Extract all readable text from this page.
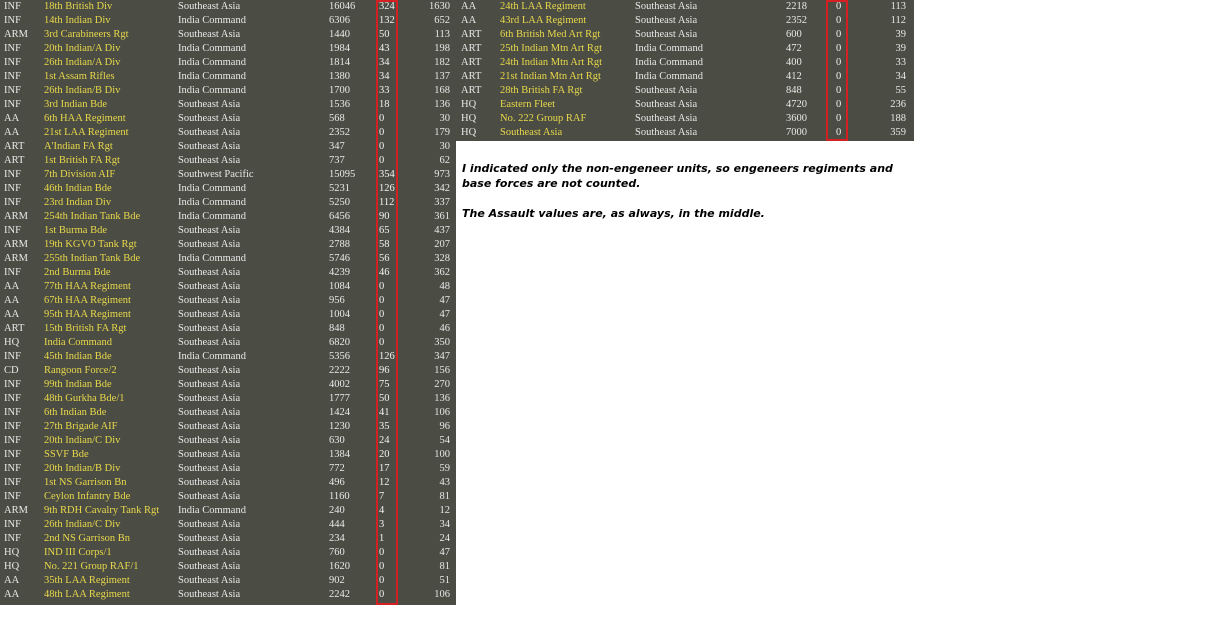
INF	18th British Div	Southeast Asia	16046	324	1630
INF	14th Indian Div	India Command	6306	132	652
ARM	3rd Carabineers Rgt	Southeast Asia	1440	50	113
INF	20th Indian/A Div	India Command	1984	43	198
INF	26th Indian/A Div	India Command	1814	34	182
INF	1st Assam Rifles	India Command	1380	34	137
INF	26th Indian/B Div	India Command	1700	33	168
INF	3rd Indian Bde	Southeast Asia	1536	18	136
AA	6th HAA Regiment	Southeast Asia	568	0	30
AA	21st LAA Regiment	Southeast Asia	2352	0	179
ART	A'Indian FA Rgt	Southeast Asia	347	0	30
ART	1st British FA Rgt	Southeast Asia	737	0	62
INF	7th Division AIF	Southwest Pacific	15095	354	973
INF	46th Indian Bde	India Command	5231	126	342
INF	23rd Indian Div	India Command	5250	112	337
ARM	254th Indian Tank Bde	India Command	6456	90	361
INF	1st Burma Bde	Southeast Asia	4384	65	437
ARM	19th KGVO Tank Rgt	Southeast Asia	2788	58	207
ARM	255th Indian Tank Bde	India Command	5746	56	328
INF	2nd Burma Bde	Southeast Asia	4239	46	362
AA	77th HAA Regiment	Southeast Asia	1084	0	48
AA	67th HAA Regiment	Southeast Asia	956	0	47
AA	95th HAA Regiment	Southeast Asia	1004	0	47
ART	15th British FA Rgt	Southeast Asia	848	0	46
HQ	India Command	Southeast Asia	6820	0	350
INF	45th Indian Bde	India Command	5356	126	347
CD	Rangoon Force/2	Southeast Asia	2222	96	156
INF	99th Indian Bde	Southeast Asia	4002	75	270
INF	48th Gurkha Bde/1	Southeast Asia	1777	50	136
INF	6th Indian Bde	Southeast Asia	1424	41	106
INF	27th Brigade AIF	Southeast Asia	1230	35	96
INF	20th Indian/C Div	Southeast Asia	630	24	54
INF	SSVF Bde	Southeast Asia	1384	20	100
INF	20th Indian/B Div	Southeast Asia	772	17	59
INF	1st NS Garrison Bn	Southeast Asia	496	12	43
INF	Ceylon Infantry Bde	Southeast Asia	1160	7	81
ARM	9th RDH Cavalry Tank Rgt	India Command	240	4	12
INF	26th Indian/C Div	Southeast Asia	444	3	34
INF	2nd NS Garrison Bn	Southeast Asia	234	1	24
HQ	IND III Corps/1	Southeast Asia	760	0	47
HQ	No. 221 Group RAF/1	Southeast Asia	1620	0	81
AA	35th LAA Regiment	Southeast Asia	902	0	51
AA	48th LAA Regiment	Southeast Asia	2242	0	106
AA	24th LAA Regiment	Southeast Asia	2218	0	113
AA	43rd LAA Regiment	Southeast Asia	2352	0	112
ART	6th British Med Art Rgt	Southeast Asia	600	0	39
ART	25th Indian Mtn Art Rgt	India Command	472	0	39
ART	24th Indian Mtn Art Rgt	India Command	400	0	33
ART	21st Indian Mtn Art Rgt	India Command	412	0	34
ART	28th British FA Rgt	Southeast Asia	848	0	55
HQ	Eastern Fleet	Southeast Asia	4720	0	236
HQ	No. 222 Group RAF	Southeast Asia	3600	0	188
HQ	Southeast Asia	Southeast Asia	7000	0	359
I indicated only the non-engeneer units, so engeneers regiments and base forces are not counted.
The Assault values are, as always, in the middle.
